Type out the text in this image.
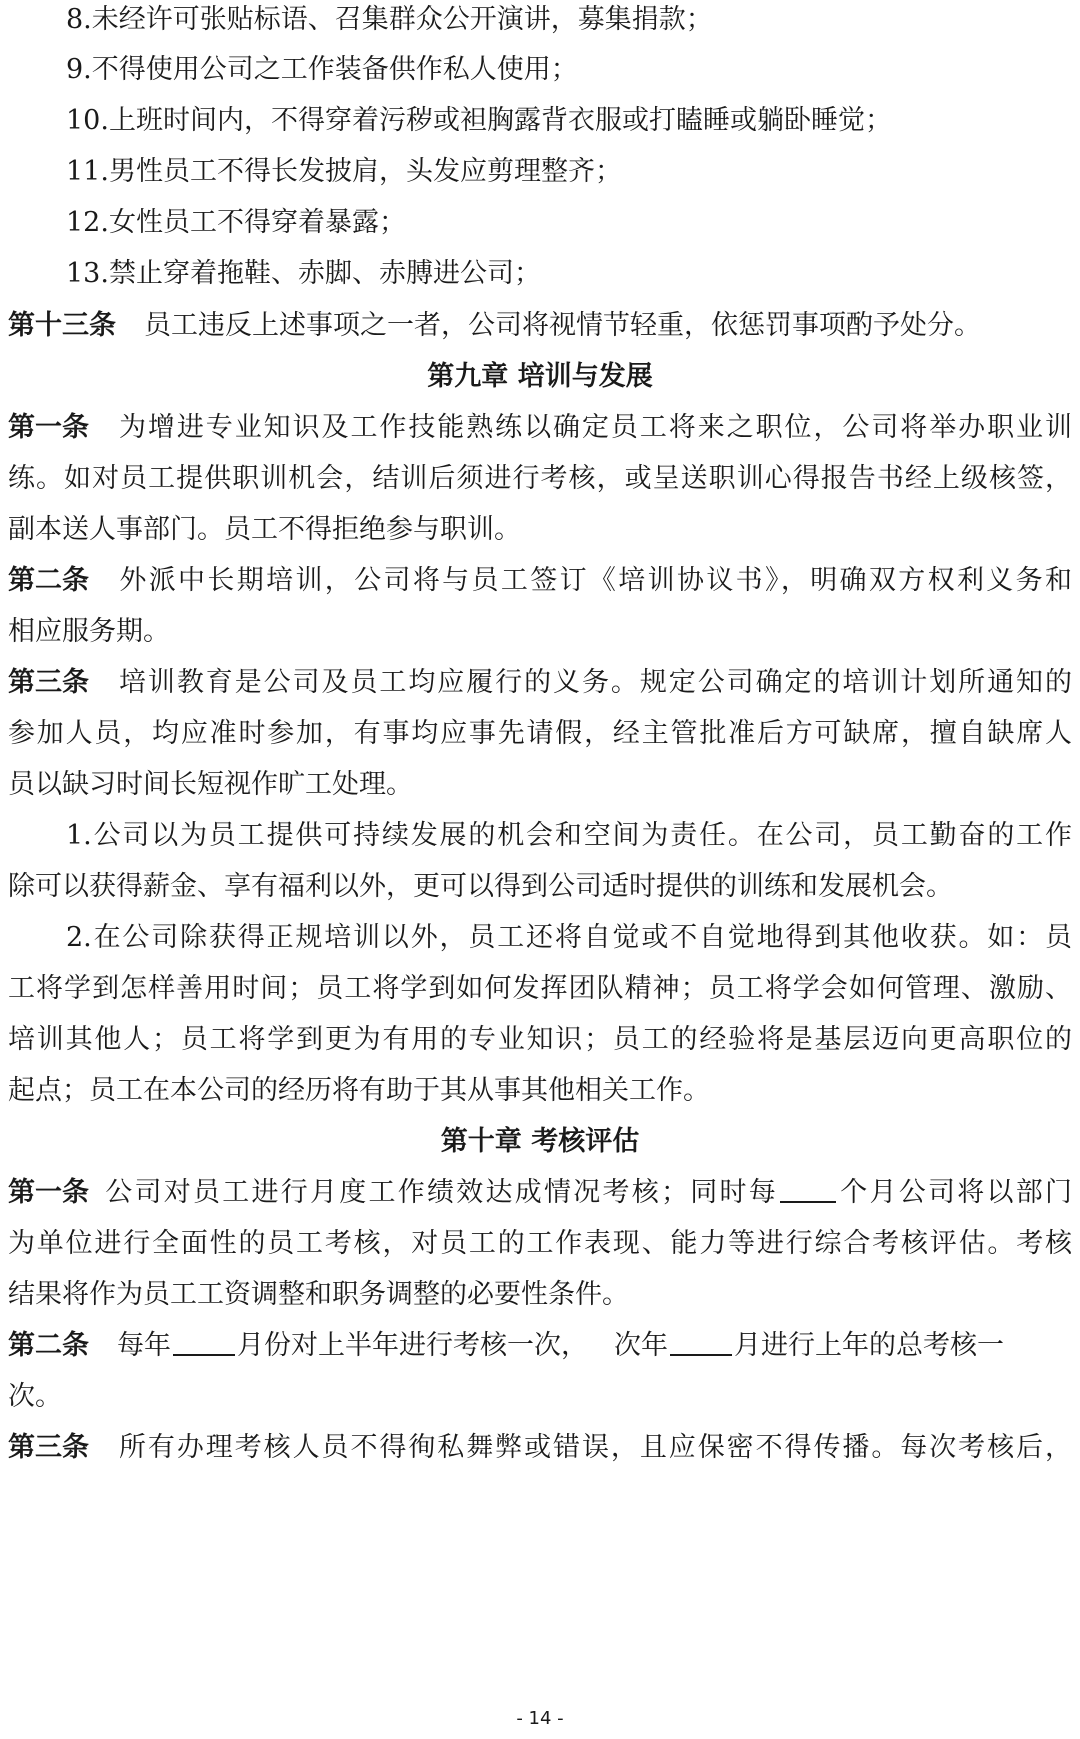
8.未经许可张贴标语、召集群众公开演讲，募集捐款；
9.不得使用公司之工作装备供作私人使用；
10.上班时间内，不得穿着污秽或袒胸露背衣服或打瞌睡或躺卧睡觉；
11.男性员工不得长发披肩，头发应剪理整齐；
12.女性员工不得穿着暴露；
13.禁止穿着拖鞋、赤脚、赤膊进公司；
第十三条 员工违反上述事项之一者，公司将视情节轻重，依惩罚事项酌予处分。
第九章 培训与发展
第一条 为增进专业知识及工作技能熟练以确定员工将来之职位，公司将举办职业训
练。如对员工提供职训机会，结训后须进行考核，或呈送职训心得报告书经上级核签，
副本送人事部门。员工不得拒绝参与职训。
第二条 外派中长期培训，公司将与员工签订《培训协议书》，明确双方权利义务和
相应服务期。
第三条 培训教育是公司及员工均应履行的义务。规定公司确定的培训计划所通知的
参加人员，均应准时参加，有事均应事先请假，经主管批准后方可缺席，擅自缺席人
员以缺习时间长短视作旷工处理。
1.公司以为员工提供可持续发展的机会和空间为责任。在公司，员工勤奋的工作
除可以获得薪金、享有福利以外，更可以得到公司适时提供的训练和发展机会。
2.在公司除获得正规培训以外，员工还将自觉或不自觉地得到其他收获。如：员
工将学到怎样善用时间；员工将学到如何发挥团队精神；员工将学会如何管理、激励、
培训其他人；员工将学到更为有用的专业知识；员工的经验将是基层迈向更高职位的
起点；员工在本公司的经历将有助于其从事其他相关工作。
第十章 考核评估
第一条 公司对员工进行月度工作绩效达成情况考核；同时每 个月公司将以部门
为单位进行全面性的员工考核，对员工的工作表现、能力等进行综合考核评估。考核
结果将作为员工工资调整和职务调整的必要性条件。
第二条 每年 月份对上半年进行考核一次， 次年 月进行上年的总考核一
次。
第三条 所有办理考核人员不得徇私舞弊或错误，且应保密不得传播。每次考核后，
- 14 -
